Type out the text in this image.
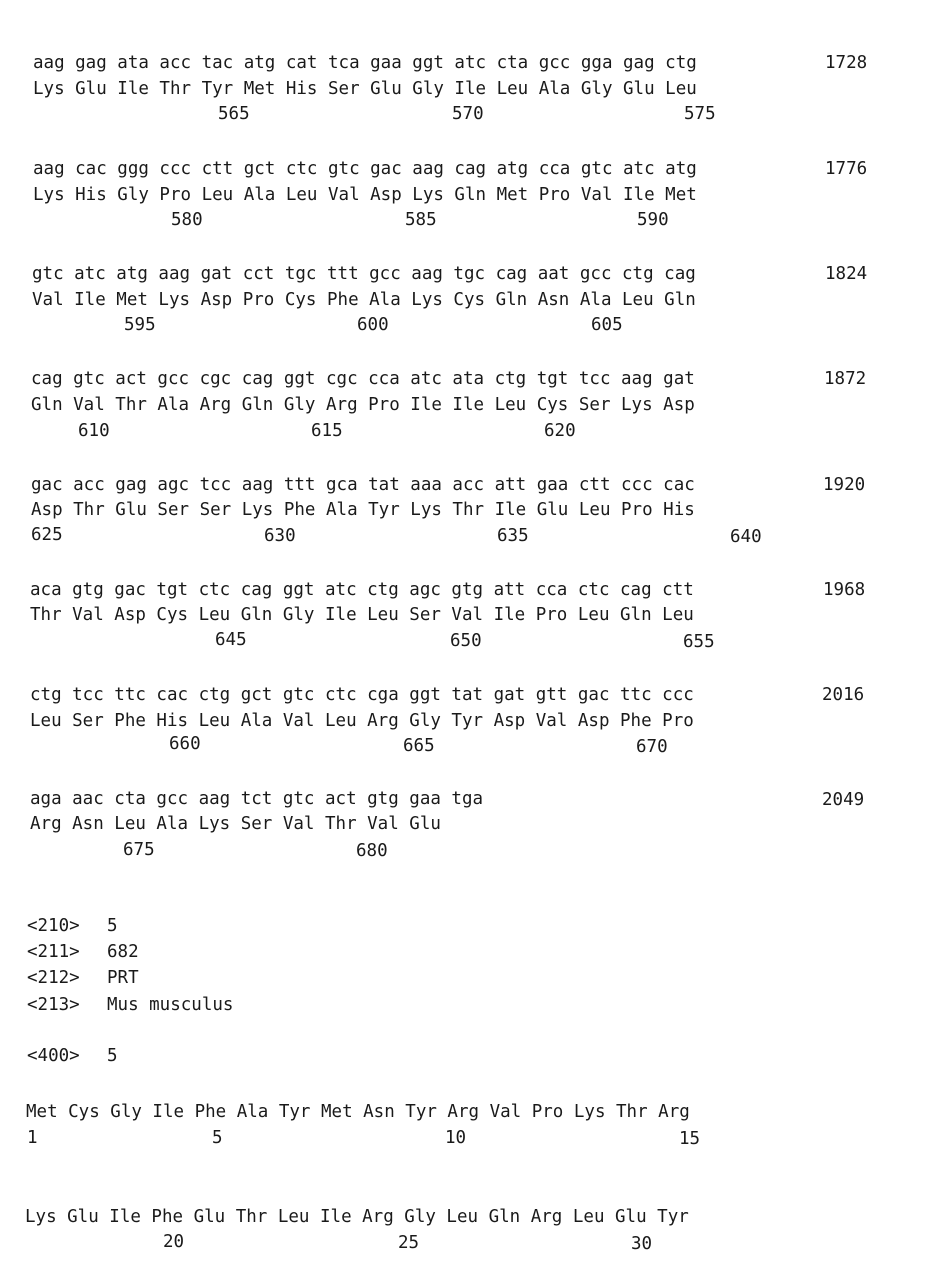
aag gag ata acc tac atg cat tca gaa ggt atc cta gcc gga gag ctg	1728
Lys Glu Ile Thr Tyr Met His Ser Glu Gly Ile Leu Ala Gly Glu Leu
565	570	575
aag cac ggg ccc ctt gct ctc gtc gac aag cag atg cca gtc atc atg	1776
Lys His Gly Pro Leu Ala Leu Val Asp Lys Gln Met Pro Val Ile Met
580	585	590
gtc atc atg aag gat cct tgc ttt gcc aag tgc cag aat gcc ctg cag	1824
Val Ile Met Lys Asp Pro Cys Phe Ala Lys Cys Gln Asn Ala Leu Gln
595	600	605
cag gtc act gcc cgc cag ggt cgc cca atc ata ctg tgt tcc aag gat	1872
Gln Val Thr Ala Arg Gln Gly Arg Pro Ile Ile Leu Cys Ser Lys Asp
610	615	620
gac acc gag agc tcc aag ttt gca tat aaa acc att gaa ctt ccc cac	1920
Asp Thr Glu Ser Ser Lys Phe Ala Tyr Lys Thr Ile Glu Leu Pro His
625	630	635	640
aca gtg gac tgt ctc cag ggt atc ctg agc gtg att cca ctc cag ctt	1968
Thr Val Asp Cys Leu Gln Gly Ile Leu Ser Val Ile Pro Leu Gln Leu
645	650	655
ctg tcc ttc cac ctg gct gtc ctc cga ggt tat gat gtt gac ttc ccc	2016
Leu Ser Phe His Leu Ala Val Leu Arg Gly Tyr Asp Val Asp Phe Pro
660	665	670
aga aac cta gcc aag tct gtc act gtg gaa tga	2049
Arg Asn Leu Ala Lys Ser Val Thr Val Glu
675	680
<210> 5
<211> 682
<212> PRT
<213> Mus musculus
<400> 5
Met Cys Gly Ile Phe Ala Tyr Met Asn Tyr Arg Val Pro Lys Thr Arg
1	5	10	15
Lys Glu Ile Phe Glu Thr Leu Ile Arg Gly Leu Gln Arg Leu Glu Tyr
20	25	30
